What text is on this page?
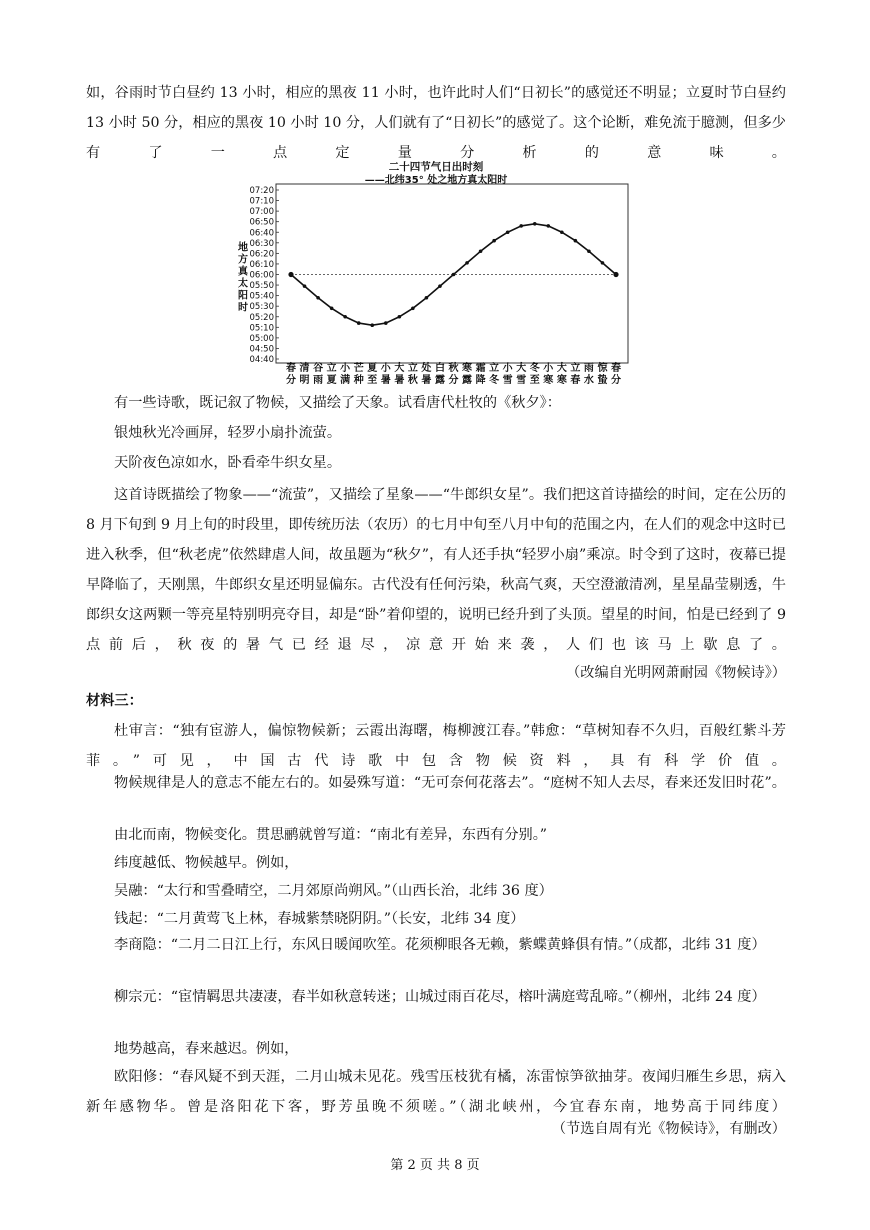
如，谷雨时节白昼约 13 小时，相应的黑夜 11 小时，也许此时人们“日初长”的感觉还不明显；立夏时节白昼约 13 小时 50 分，相应的黑夜 10 小时 10 分，人们就有了“日初长”的感觉了。这个论断，难免流于臆测，但多少有了一点定量分析的意味。

二十四节气日出时刻
——北纬35° 处之地方真太阳时
07:20
07:10
07:00
06:50
06:40
06:30
06:20
06:10
06:00
05:50
05:40
05:30
05:20
05:10
05:00
04:50
04:40
地
方
真
太
阳
时
春
分
清
明
谷
雨
立
夏
小
满
芒
种
夏
至
小
暑
大
暑
立
秋
处
暑
白
露
秋
分
寒
露
霜
降
立
冬
小
雪
大
雪
冬
至
小
寒
大
寒
立
春
雨
水
惊
蛰
春
分

有一些诗歌，既记叙了物候，又描绘了天象。试看唐代杜牧的《秋夕》：

银烛秋光冷画屏，轻罗小扇扑流萤。

天阶夜色凉如水，卧看牵牛织女星。

这首诗既描绘了物象——“流萤”，又描绘了星象——“牛郎织女星”。我们把这首诗描绘的时间，定在公历的 8 月下旬到 9 月上旬的时段里，即传统历法（农历）的七月中旬至八月中旬的范围之内，在人们的观念中这时已进入秋季，但“秋老虎”依然肆虐人间，故虽题为“秋夕”，有人还手执“轻罗小扇”乘凉。时令到了这时，夜幕已提早降临了，天刚黑，牛郎织女星还明显偏东。古代没有任何污染，秋高气爽，天空澄澈清冽，星星晶莹剔透，牛郎织女这两颗一等亮星特别明亮夺目，却是“卧”着仰望的，说明已经升到了头顶。望星的时间，怕是已经到了 9 点前后，秋夜的暑气已经退尽，凉意开始来袭，人们也该马上歇息了。

（改编自光明网萧耐园《物候诗》）

材料三：

杜审言：“独有宦游人，偏惊物候新；云霞出海曙，梅柳渡江春。”韩愈：“草树知春不久归，百般红紫斗芳菲。”可见，中国古代诗歌中包含物候资料，具有科学价值。

物候规律是人的意志不能左右的。如晏殊写道：“无可奈何花落去”。“庭树不知人去尽，春来还发旧时花”。

由北而南，物候变化。贯思鹂就曾写道：“南北有差异，东西有分别。”

纬度越低、物候越早。例如，

吴融：“太行和雪叠晴空，二月郊原尚朔风。”（山西长治，北纬 36 度）

钱起：“二月黄莺飞上林，春城紫禁晓阴阴。”（长安，北纬 34 度）

李商隐：“二月二日江上行，东风日暖闻吹笙。花须柳眼各无赖，紫蝶黄蜂俱有情。”（成都，北纬 31 度）

柳宗元：“宦情羁思共凄凄，春半如秋意转迷；山城过雨百花尽，榕叶满庭莺乱啼。”（柳州，北纬 24 度）

地势越高，春来越迟。例如，

欧阳修：“春风疑不到天涯，二月山城未见花。残雪压枝犹有橘，冻雷惊笋欲抽芽。夜闻归雁生乡思，病入新年感物华。曾是洛阳花下客，野芳虽晚不须嗟。”（湖北峡州，今宜春东南，地势高于同纬度）

（节选自周有光《物候诗》，有删改）

第 2 页 共 8 页
